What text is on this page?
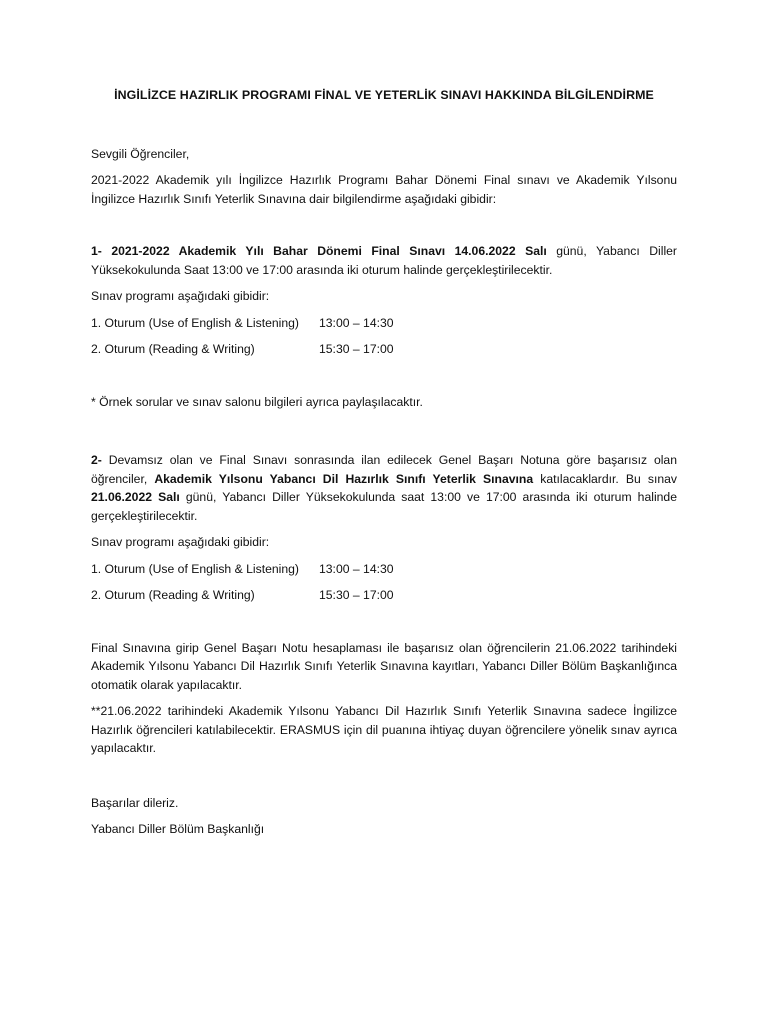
İNGİLİZCE HAZIRLIK PROGRAMI FİNAL VE YETERLİK SINAVI HAKKINDA BİLGİLENDİRME

Sevgili Öğrenciler,

2021-2022 Akademik yılı İngilizce Hazırlık Programı Bahar Dönemi Final sınavı ve Akademik Yılsonu İngilizce Hazırlık Sınıfı Yeterlik Sınavına dair bilgilendirme aşağıdaki gibidir:

1- 2021-2022 Akademik Yılı Bahar Dönemi Final Sınavı 14.06.2022 Salı günü, Yabancı Diller Yüksekokulunda Saat 13:00 ve 17:00 arasında iki oturum halinde gerçekleştirilecektir.

Sınav programı aşağıdaki gibidir:

1. Oturum (Use of English & Listening)	13:00 – 14:30
2. Oturum (Reading & Writing)	15:30 – 17:00

* Örnek sorular ve sınav salonu bilgileri ayrıca paylaşılacaktır.

2- Devamsız olan ve Final Sınavı sonrasında ilan edilecek Genel Başarı Notuna göre başarısız olan öğrenciler, Akademik Yılsonu Yabancı Dil Hazırlık Sınıfı Yeterlik Sınavına katılacaklardır. Bu sınav 21.06.2022 Salı günü, Yabancı Diller Yüksekokulunda saat 13:00 ve 17:00 arasında iki oturum halinde gerçekleştirilecektir.

Sınav programı aşağıdaki gibidir:

1. Oturum (Use of English & Listening)	13:00 – 14:30
2. Oturum (Reading & Writing)	15:30 – 17:00

Final Sınavına girip Genel Başarı Notu hesaplaması ile başarısız olan öğrencilerin 21.06.2022 tarihindeki Akademik Yılsonu Yabancı Dil Hazırlık Sınıfı Yeterlik Sınavına kayıtları, Yabancı Diller Bölüm Başkanlığınca otomatik olarak yapılacaktır.

**21.06.2022 tarihindeki Akademik Yılsonu Yabancı Dil Hazırlık Sınıfı Yeterlik Sınavına sadece İngilizce Hazırlık öğrencileri katılabilecektir. ERASMUS için dil puanına ihtiyaç duyan öğrencilere yönelik sınav ayrıca yapılacaktır.

Başarılar dileriz.

Yabancı Diller Bölüm Başkanlığı
